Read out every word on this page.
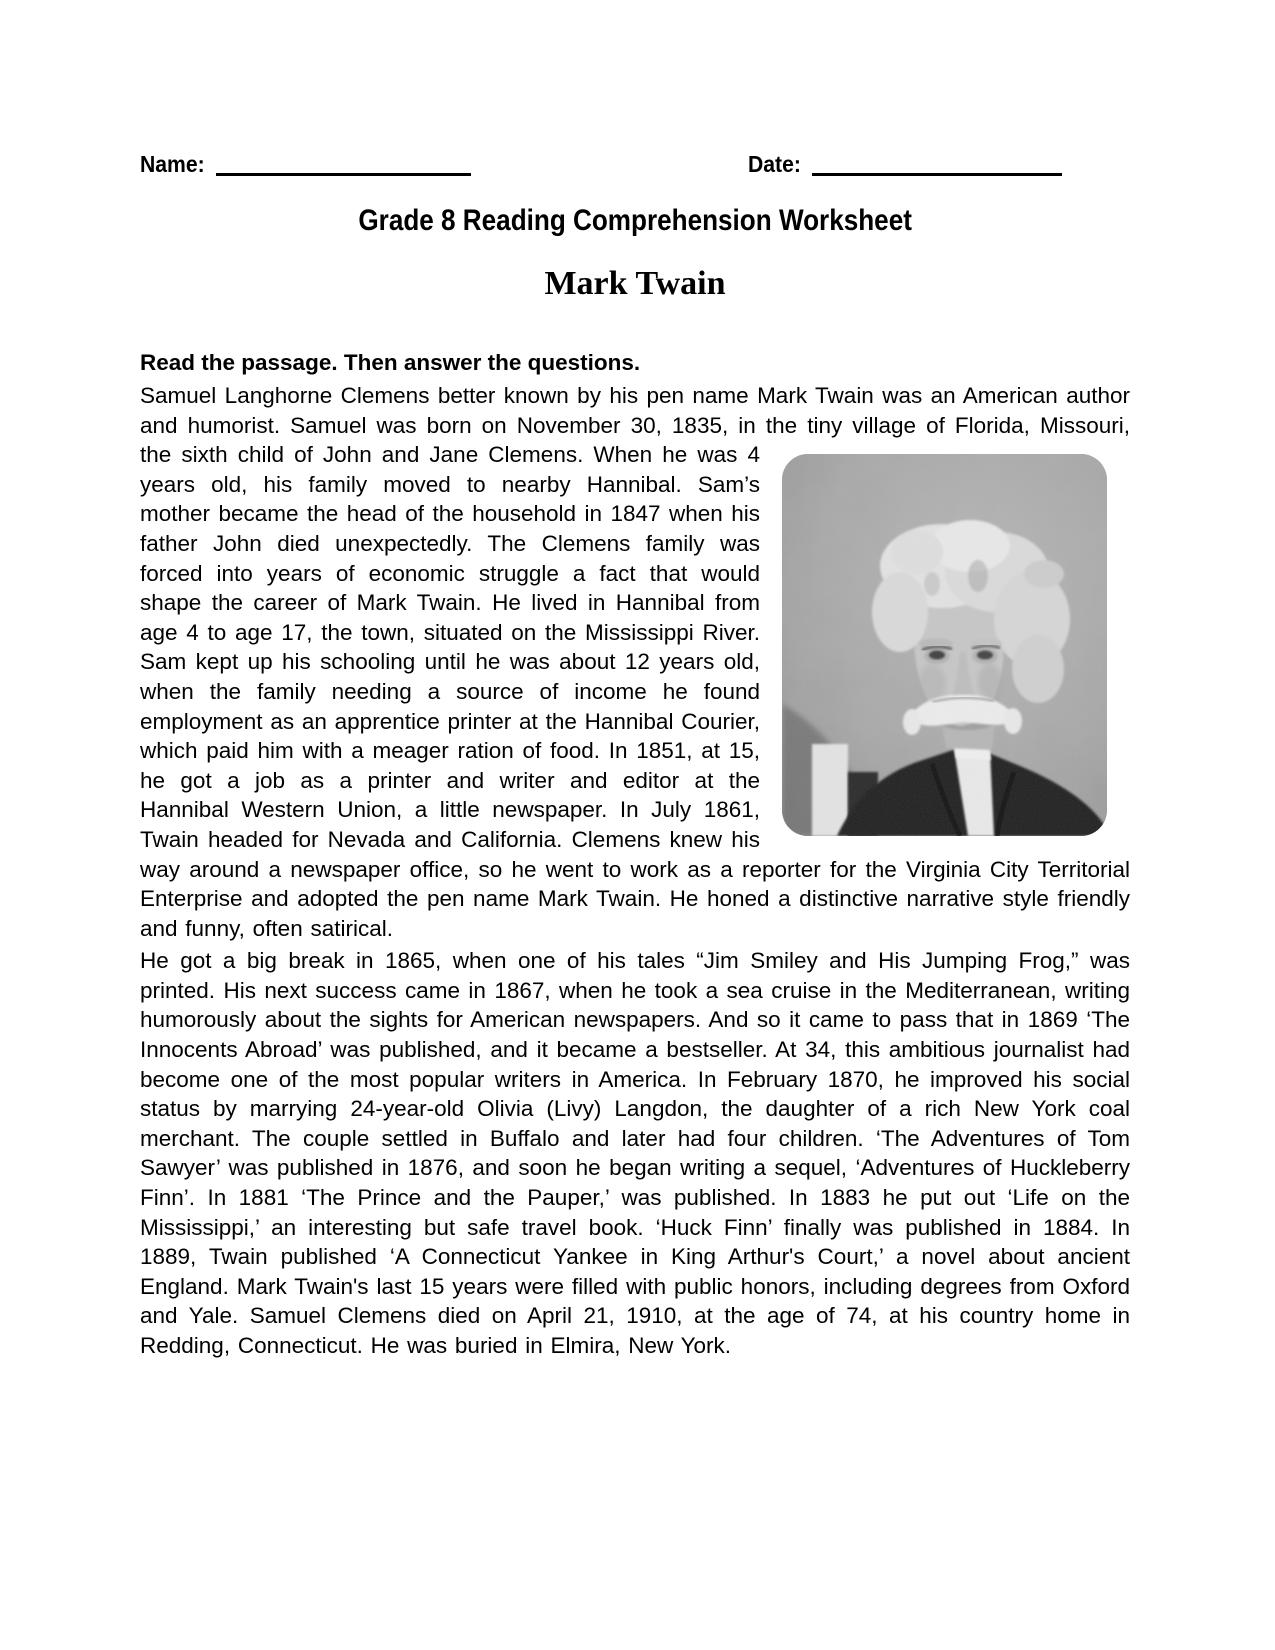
Name:	Date:
Grade 8 Reading Comprehension Worksheet
Mark Twain

Read the passage. Then answer the questions.

Samuel Langhorne Clemens better known by his pen name Mark Twain was an American author and humorist. Samuel was born on November 30, 1835, in the
tiny village of Florida, Missouri, the sixth child of John and Jane Clemens. When he was 4 years old, his family moved to nearby Hannibal. Sam’s mother became the head of the household in 1847 when his father John died unexpectedly. The Clemens family was forced into years of economic struggle a fact that would shape the career of Mark Twain. He lived in Hannibal from age 4 to age 17, the town, situated on the Mississippi River. Sam kept up his schooling until he was about 12 years old, when the family needing a source of income he found employment as an apprentice printer at the Hannibal Courier, which paid him with a meager ration of food. In 1851, at 15, he got a job as a printer and writer and editor at the Hannibal Western Union, a little newspaper. In July 1861, Twain headed for Nevada and California. Clemens knew his way around a newspaper office, so he went to work as a reporter for the Virginia City Territorial Enterprise and adopted the pen name Mark Twain. He honed a distinctive narrative style friendly and funny, often satirical.

He got a big break in 1865, when one of his tales “Jim Smiley and His Jumping Frog,” was printed. His next success came in 1867, when he took a sea cruise in the Mediterranean, writing humorously about the sights for American newspapers. And so it came to pass that in 1869 ‘The Innocents Abroad’ was published, and it became a bestseller. At 34, this ambitious journalist had become one of the most popular writers in America. In February 1870, he improved his social status by marrying 24-year-old Olivia (Livy) Langdon, the daughter of a rich New York coal merchant. The couple settled in Buffalo and later had four children. ‘The Adventures of Tom Sawyer’ was published in 1876, and soon he began writing a sequel, ‘Adventures of Huckleberry Finn’. In 1881 ‘The Prince and the Pauper,’ was published. In 1883 he put out ‘Life on the Mississippi,’ an interesting but safe travel book. ‘Huck Finn’ finally was published in 1884. In 1889, Twain published ‘A Connecticut Yankee in King Arthur's Court,’ a novel about ancient England. Mark Twain's last 15 years were filled with public honors, including degrees from Oxford and Yale. Samuel Clemens died on April 21, 1910, at the age of 74, at his country home in Redding, Connecticut. He was buried in Elmira, New York.
